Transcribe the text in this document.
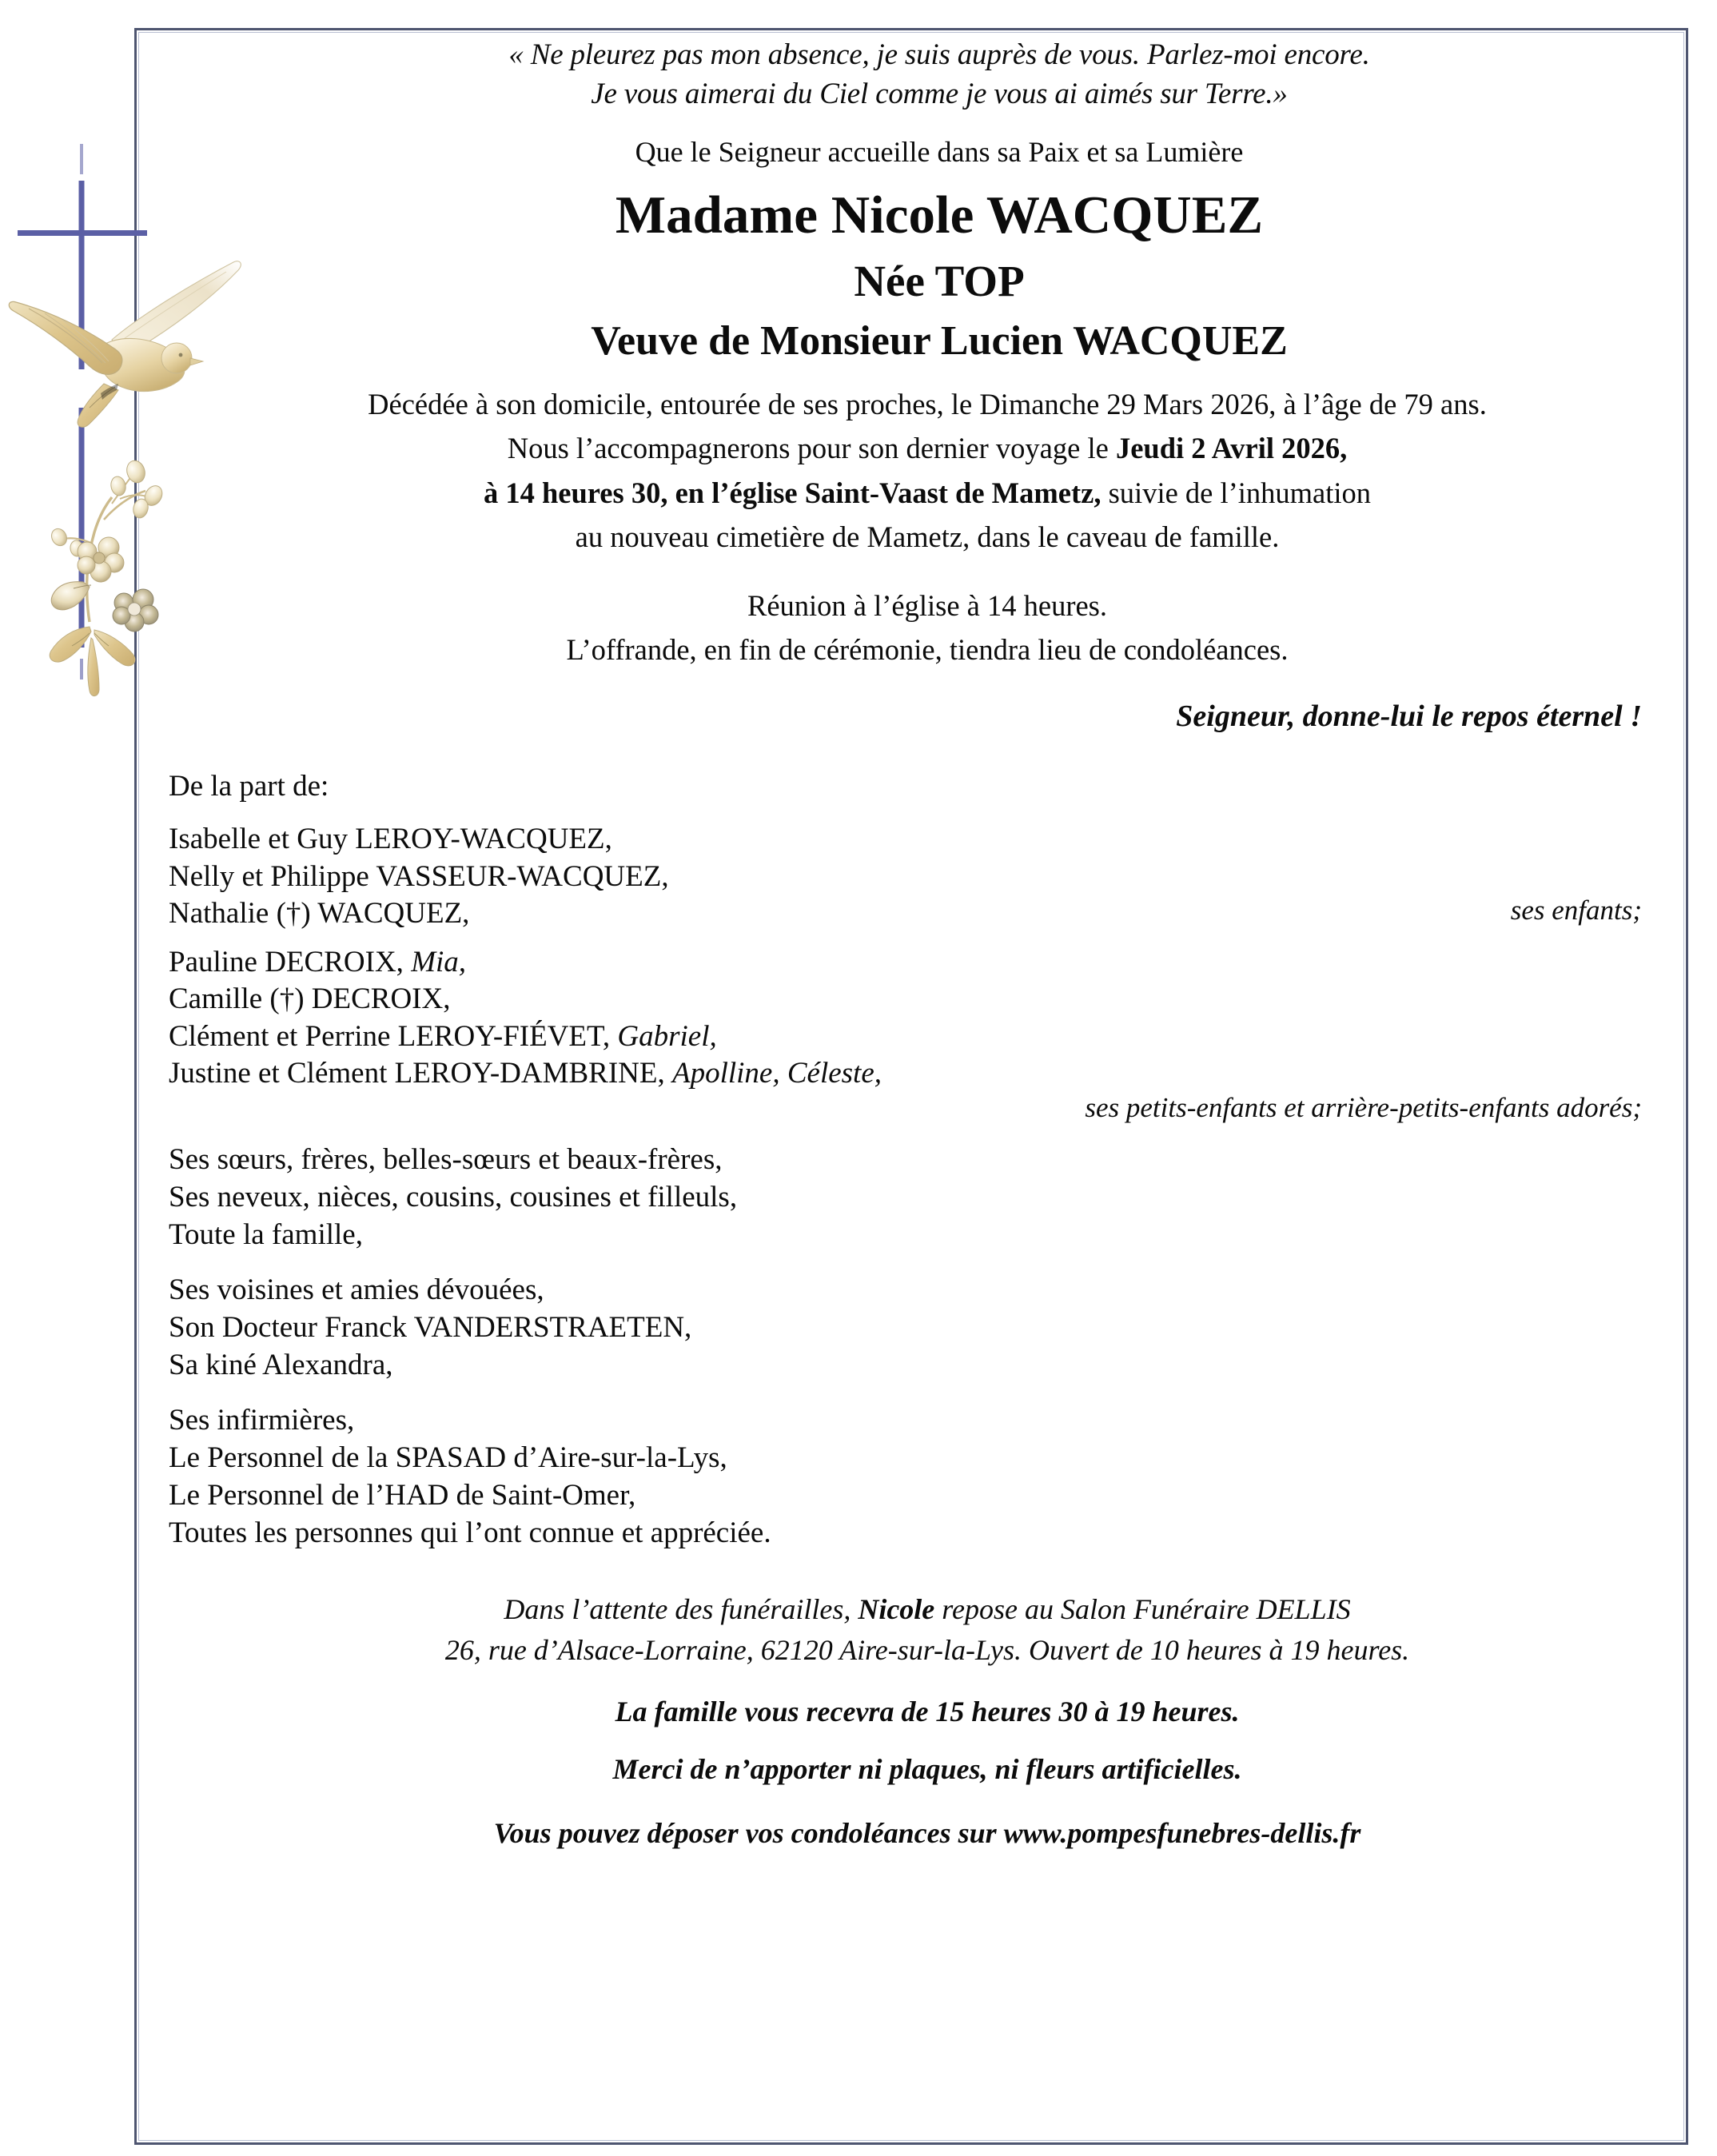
« Ne pleurez pas mon absence, je suis auprès de vous. Parlez-moi encore.
Je vous aimerai du Ciel comme je vous ai aimés sur Terre.»
Que le Seigneur accueille dans sa Paix et sa Lumière
Madame Nicole WACQUEZ
Née TOP
Veuve de Monsieur Lucien WACQUEZ
Décédée à son domicile, entourée de ses proches, le Dimanche 29 Mars 2026, à l’âge de 79 ans.
Nous l’accompagnerons pour son dernier voyage le Jeudi 2 Avril 2026,
à 14 heures 30, en l’église Saint-Vaast de Mametz, suivie de l’inhumation
au nouveau cimetière de Mametz, dans le caveau de famille.
Réunion à l’église à 14 heures.
L’offrande, en fin de cérémonie, tiendra lieu de condoléances.
Seigneur, donne-lui le repos éternel !
De la part de:
Isabelle et Guy LEROY-WACQUEZ,
Nelly et Philippe VASSEUR-WACQUEZ,
Nathalie (†) WACQUEZ,	ses enfants;
Pauline DECROIX, Mia,
Camille (†) DECROIX,
Clément et Perrine LEROY-FIÉVET, Gabriel,
Justine et Clément LEROY-DAMBRINE, Apolline, Céleste,
ses petits-enfants et arrière-petits-enfants adorés;
Ses sœurs, frères, belles-sœurs et beaux-frères,
Ses neveux, nièces, cousins, cousines et filleuls,
Toute la famille,
Ses voisines et amies dévouées,
Son Docteur Franck VANDERSTRAETEN,
Sa kiné Alexandra,
Ses infirmières,
Le Personnel de la SPASAD d’Aire-sur-la-Lys,
Le Personnel de l’HAD de Saint-Omer,
Toutes les personnes qui l’ont connue et appréciée.
Dans l’attente des funérailles, Nicole repose au Salon Funéraire DELLIS
26, rue d’Alsace-Lorraine, 62120 Aire-sur-la-Lys. Ouvert de 10 heures à 19 heures.
La famille vous recevra de 15 heures 30 à 19 heures.
Merci de n’apporter ni plaques, ni fleurs artificielles.
Vous pouvez déposer vos condoléances sur www.pompesfunebres-dellis.fr
